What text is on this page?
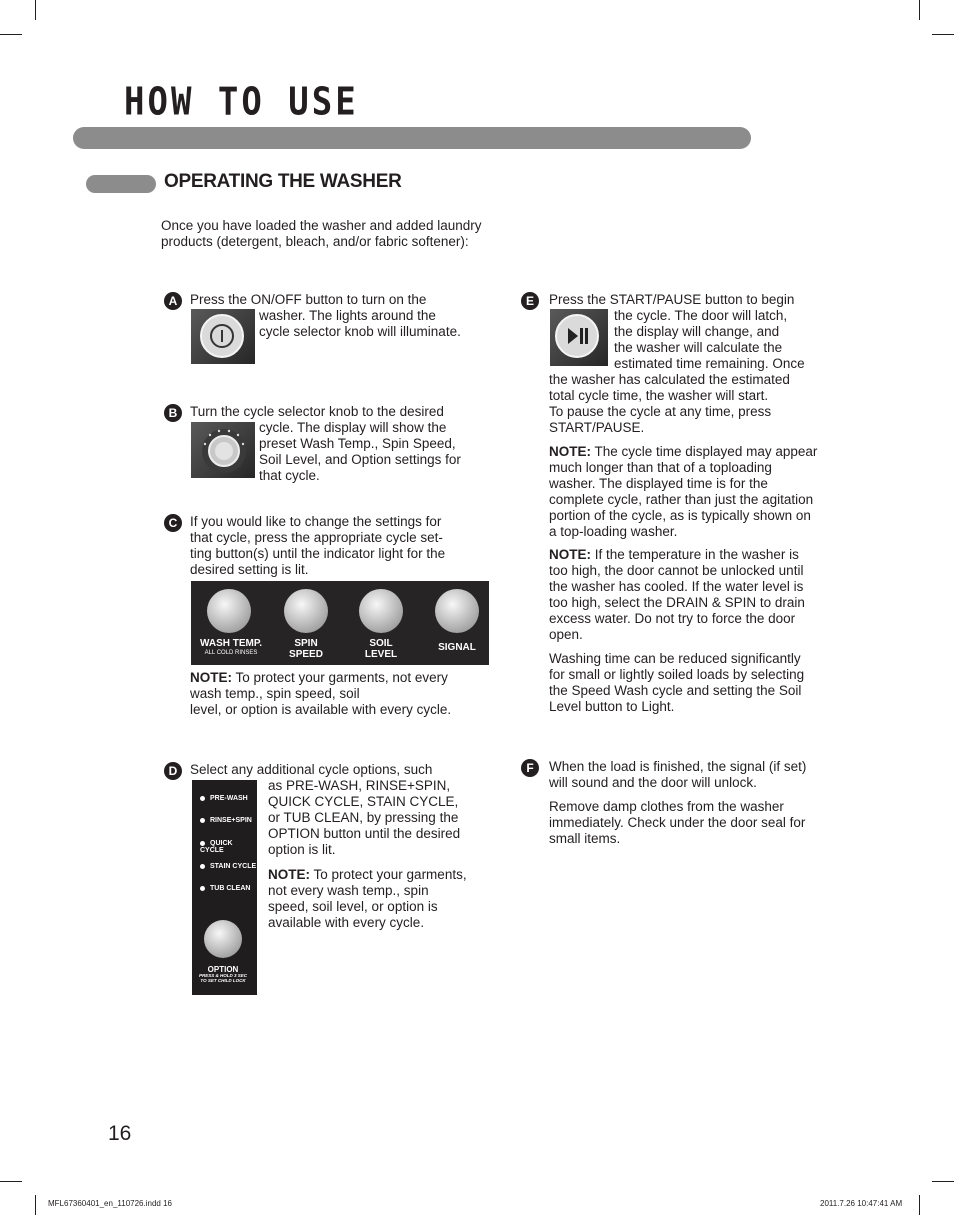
HOW TO USE
OPERATING THE WASHER
Once you have loaded the washer and added laundry products (detergent, bleach, and/or fabric softener):
A Press the ON/OFF button to turn on the

washer. The lights around the

cycle selector knob will illuminate.

B Turn the cycle selector knob to the desired

cycle. The display will show the

preset Wash Temp., Spin Speed,

Soil Level, and Option settings for

that cycle.

C If you would like to change the settings for

that cycle, press the appropriate cycle set-

ting button(s) until the indicator light for the

desired setting is lit.

WASH TEMP.
ALL COLD RINSES
SPIN
SPEED
SOIL
LEVEL
SIGNAL

NOTE: To protect your garments, not every

wash temp., spin speed, soil

level, or option is available with every cycle.

D Select any additional cycle options, such

PRE-WASH
RINSE+SPIN
QUICK CYCLE
STAIN CYCLE
TUB CLEAN
OPTION
PRESS & HOLD 3 SEC
TO SET CHILD LOCK

as PRE-WASH, RINSE+SPIN,

QUICK CYCLE, STAIN CYCLE,

or TUB CLEAN, by pressing the

OPTION button until the desired

option is lit.

NOTE: To protect your garments,

not every wash temp., spin

speed, soil level, or option is

available with every cycle.

E	Press the START/PAUSE button to begin

the cycle. The door will latch,

the display will change, and

the washer will calculate the

estimated time remaining. Once

the washer has calculated the estimated

total cycle time, the washer will start.

To pause the cycle at any time, press

START/PAUSE.

NOTE: The cycle time displayed may appear

much longer than that of a toploading

washer. The displayed time is for the

complete cycle, rather than just the agitation

portion of the cycle, as is typically shown on

a top-loading washer.

NOTE: If the temperature in the washer is

too high, the door cannot be unlocked until

the washer has cooled. If the water level is

too high, select the DRAIN & SPIN to drain

excess water. Do not try to force the door

open.

Washing time can be reduced significantly

for small or lightly soiled loads by selecting

the Speed Wash cycle and setting the Soil

Level button to Light.

F	When the load is finished, the signal (if set)

will sound and the door will unlock.

Remove damp clothes from the washer

immediately. Check under the door seal for

small items.

16
MFL67360401_en_110726.indd 16	2011.7.26 10:47:41 AM
